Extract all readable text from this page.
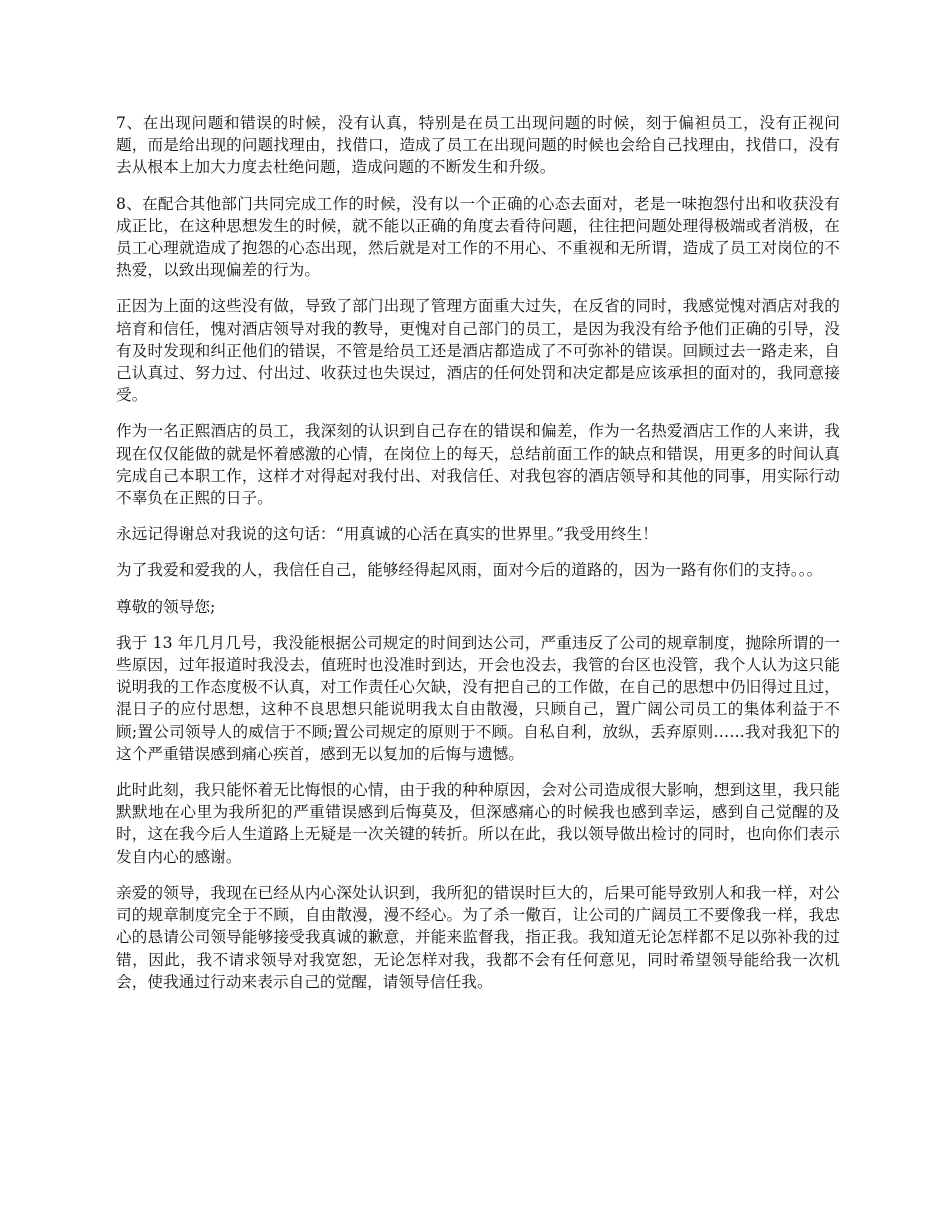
7、在出现问题和错误的时候，没有认真，特别是在员工出现问题的时候，刻于偏袒员工，没有正视问题，而是给出现的问题找理由，找借口，造成了员工在出现问题的时候也会给自己找理由，找借口，没有去从根本上加大力度去杜绝问题，造成问题的不断发生和升级。

8、在配合其他部门共同完成工作的时候，没有以一个正确的心态去面对，老是一味抱怨付出和收获没有成正比，在这种思想发生的时候，就不能以正确的角度去看待问题，往往把问题处理得极端或者消极，在员工心理就造成了抱怨的心态出现，然后就是对工作的不用心、不重视和无所谓，造成了员工对岗位的不热爱，以致出现偏差的行为。

正因为上面的这些没有做，导致了部门出现了管理方面重大过失，在反省的同时，我感觉愧对酒店对我的培育和信任，愧对酒店领导对我的教导，更愧对自己部门的员工，是因为我没有给予他们正确的引导，没有及时发现和纠正他们的错误，不管是给员工还是酒店都造成了不可弥补的错误。回顾过去一路走来，自己认真过、努力过、付出过、收获过也失误过，酒店的任何处罚和决定都是应该承担的面对的，我同意接受。

作为一名正熙酒店的员工，我深刻的认识到自己存在的错误和偏差，作为一名热爱酒店工作的人来讲，我现在仅仅能做的就是怀着感激的心情，在岗位上的每天，总结前面工作的缺点和错误，用更多的时间认真完成自己本职工作，这样才对得起对我付出、对我信任、对我包容的酒店领导和其他的同事，用实际行动不辜负在正熙的日子。

永远记得谢总对我说的这句话：“用真诚的心活在真实的世界里。”我受用终生！

为了我爱和爱我的人，我信任自己，能够经得起风雨，面对今后的道路的，因为一路有你们的支持。。。

尊敬的领导您;

我于 13 年几月几号，我没能根据公司规定的时间到达公司，严重违反了公司的规章制度，抛除所谓的一些原因，过年报道时我没去，值班时也没准时到达，开会也没去，我管的台区也没管，我个人认为这只能说明我的工作态度极不认真，对工作责任心欠缺，没有把自己的工作做，在自己的思想中仍旧得过且过，混日子的应付思想，这种不良思想只能说明我太自由散漫，只顾自己，置广阔公司员工的集体利益于不顾;置公司领导人的威信于不顾;置公司规定的原则于不顾。自私自利，放纵，丢弃原则……我对我犯下的这个严重错误感到痛心疾首，感到无以复加的后悔与遗憾。

此时此刻，我只能怀着无比悔恨的心情，由于我的种种原因，会对公司造成很大影响，想到这里，我只能默默地在心里为我所犯的严重错误感到后悔莫及，但深感痛心的时候我也感到幸运，感到自己觉醒的及时，这在我今后人生道路上无疑是一次关键的转折。所以在此，我以领导做出检讨的同时，也向你们表示发自内心的感谢。

亲爱的领导，我现在已经从内心深处认识到，我所犯的错误时巨大的，后果可能导致别人和我一样，对公司的规章制度完全于不顾，自由散漫，漫不经心。为了杀一儆百，让公司的广阔员工不要像我一样，我忠心的恳请公司领导能够接受我真诚的歉意，并能来监督我，指正我。我知道无论怎样都不足以弥补我的过错，因此，我不请求领导对我宽恕，无论怎样对我，我都不会有任何意见，同时希望领导能给我一次机会，使我通过行动来表示自己的觉醒，请领导信任我。
